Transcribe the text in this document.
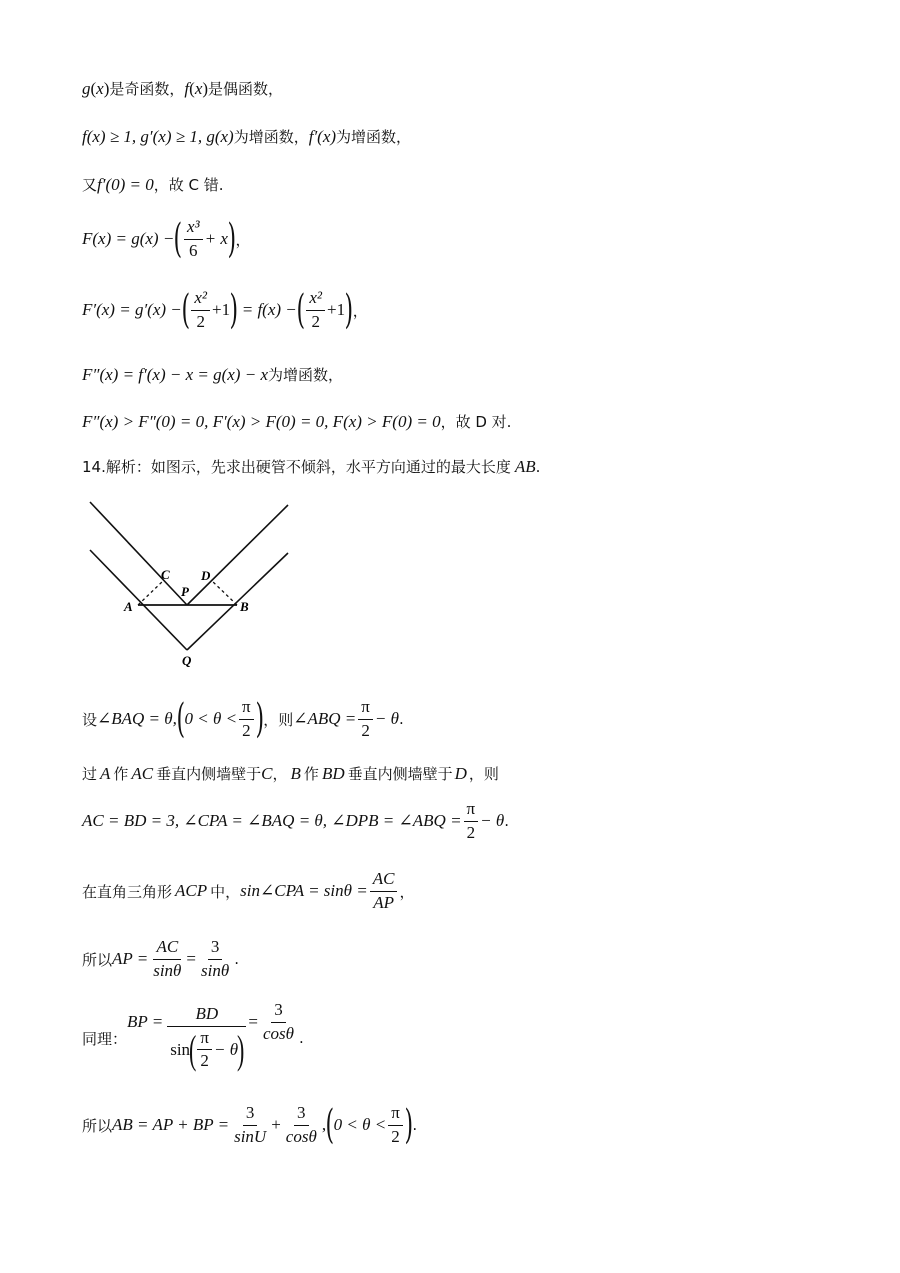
g (x) 是奇函数， f (x) 是偶函数，
f(x) ≥ 1, g′(x) ≥ 1, g(x) 为增函数， f′(x) 为增函数，
又 f′(0) = 0 ，故 C 错.
F(x) = g(x) − ( $\frac{\text{x³}}{6} + x$ ) ，
F′(x) = g′(x) − ( $\frac{\text{x²}}{2} +1$ ) = f(x) − ( $\frac{\text{x²}}{2} +1$ ) ，
F″(x) = f′(x) − x = g(x) − x 为增函数，
F″(x) > F″(0) = 0, F′(x) > F(0) = 0, F(x) > F(0) = 0 ，故 D 对.
14.解析：如图示，先求出硬管不倾斜，水平方向通过的最大长度 AB .
A	B
C D
P
Q
设 ∠BAQ = θ, ( $0 < \theta < \frac{\pi}{2}$ ) ，则 ∠ABQ = $\frac{\pi}{2} - \theta$ .
过 A 作 AC 垂直内侧墙壁于 C ， B 作 BD 垂直内侧墙壁于 D ，则
AC = BD = 3, ∠CPA = ∠BAQ = θ, ∠DPB = ∠ABQ = $\frac{\pi}{2} - \theta$ .
在直角三角形 ACP 中， sin∠CPA = $\sin\theta = \frac{AC}{AP}$ ，
所以 AP = $\frac{AC}{\sin\theta} = \frac{3}{\sin\theta}$ .
同理：
BP = BD
sin
( $\frac{\pi}{2} - \theta$
) = $\frac{3}{\cos\theta}$ .
所以 AB = AP + BP = $\frac{3}{\sin U} + \frac{3}{\cos\theta}$ , ( $0 < \theta < \frac{\pi}{2}$ ) .
